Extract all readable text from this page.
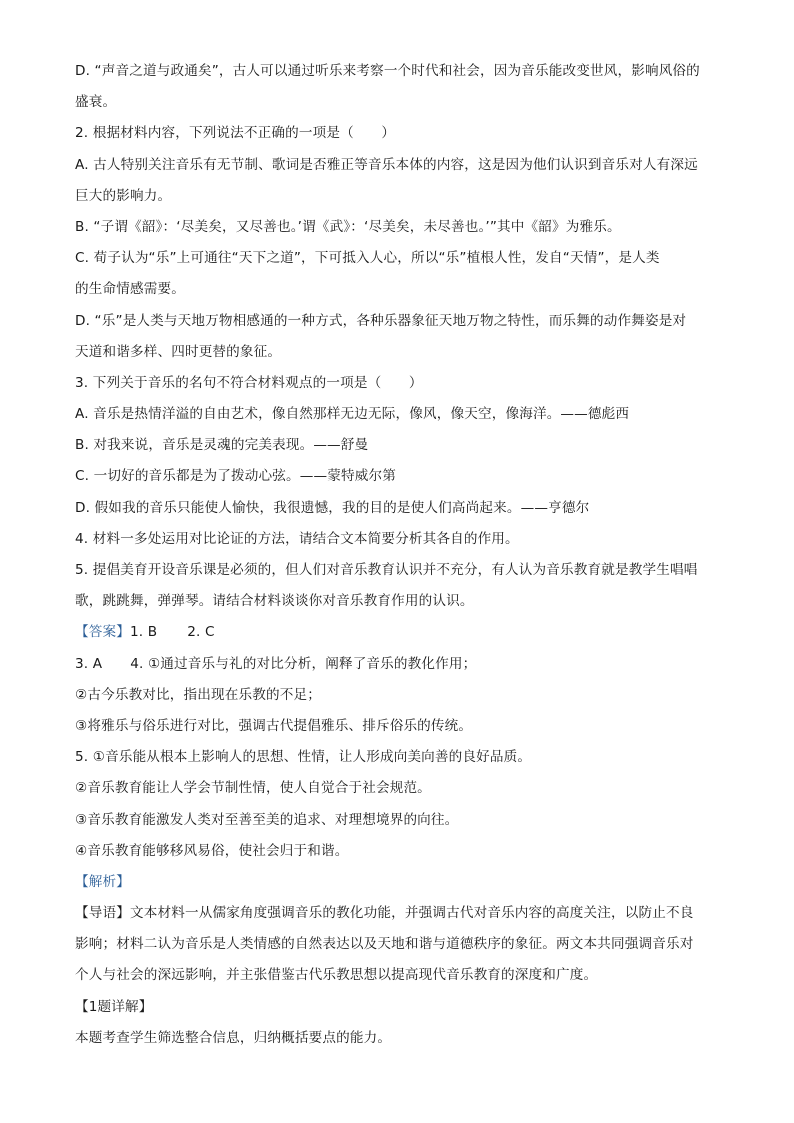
D. “声音之道与政通矣”，古人可以通过听乐来考察一个时代和社会，因为音乐能改变世风，影响风俗的
盛衰。
2. 根据材料内容，下列说法不正确的一项是（　　）
A. 古人特别关注音乐有无节制、歌词是否雅正等音乐本体的内容，这是因为他们认识到音乐对人有深远
巨大的影响力。
B. “子谓《韶》：‘尽美矣，又尽善也。’谓《武》：‘尽美矣，未尽善也。’”其中《韶》为雅乐。
C. 荀子认为“乐”上可通往“天下之道”，下可抵入人心，所以“乐”植根人性，发自“天情”，是人类
的生命情感需要。
D. “乐”是人类与天地万物相感通的一种方式，各种乐器象征天地万物之特性，而乐舞的动作舞姿是对
天道和谐多样、四时更替的象征。
3. 下列关于音乐的名句不符合材料观点的一项是（　　）
A. 音乐是热情洋溢的自由艺术，像自然那样无边无际，像风，像天空，像海洋。——德彪西
B. 对我来说，音乐是灵魂的完美表现。——舒曼
C. 一切好的音乐都是为了拨动心弦。——蒙特威尔第
D. 假如我的音乐只能使人愉快，我很遗憾，我的目的是使人们高尚起来。——亨德尔
4. 材料一多处运用对比论证的方法，请结合文本简要分析其各自的作用。
5. 提倡美育开设音乐课是必须的，但人们对音乐教育认识并不充分，有人认为音乐教育就是教学生唱唱
歌，跳跳舞，弹弹琴。请结合材料谈谈你对音乐教育作用的认识。
【答案】1. B 2. C
3. A 4. ①通过音乐与礼的对比分析，阐释了音乐的教化作用；
②古今乐教对比，指出现在乐教的不足；
③将雅乐与俗乐进行对比，强调古代提倡雅乐、排斥俗乐的传统。
5. ①音乐能从根本上影响人的思想、性情，让人形成向美向善的良好品质。
②音乐教育能让人学会节制性情，使人自觉合于社会规范。
③音乐教育能激发人类对至善至美的追求、对理想境界的向往。
④音乐教育能够移风易俗，使社会归于和谐。
【解析】
【导语】文本材料一从儒家角度强调音乐的教化功能，并强调古代对音乐内容的高度关注，以防止不良
影响；材料二认为音乐是人类情感的自然表达以及天地和谐与道德秩序的象征。两文本共同强调音乐对
个人与社会的深远影响，并主张借鉴古代乐教思想以提高现代音乐教育的深度和广度。
【1题详解】
本题考查学生筛选整合信息，归纳概括要点的能力。
